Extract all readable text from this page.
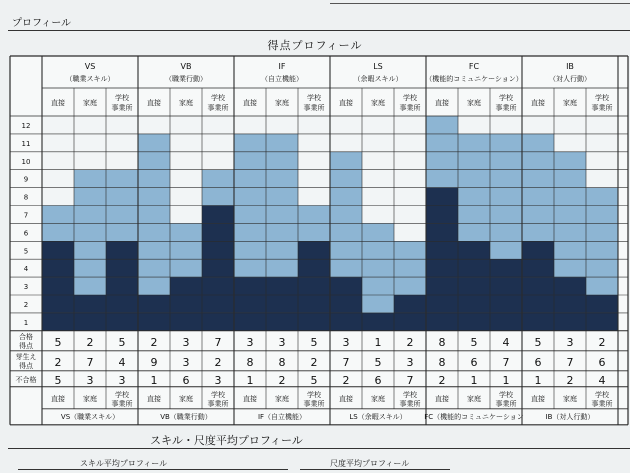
プロフィール
得点プロフィール
12
11
10
9
8
7
6
5
4
3
2
1
VS
（職業スキル）
VS（職業スキル）
VB
（職業行動）
VB（職業行動）
IF
（自立機能）
IF（自立機能）
LS
（余暇スキル）
LS（余暇スキル）
FC
（機能的コミュニケーション）
FC（機能的コミュニケーション
IB
（対人行動）
IB（対人行動）
直接
直接
家庭
家庭
学校
事業所
学校
事業所
直接
直接
家庭
家庭
学校
事業所
学校
事業所
直接
直接
家庭
家庭
学校
事業所
学校
事業所
直接
直接
家庭
家庭
学校
事業所
学校
事業所
直接
直接
家庭
家庭
学校
事業所
学校
事業所
直接
直接
家庭
家庭
学校
事業所
学校
事業所
合格
得点 5 2 5 2 3 7 3 3 5 3 1 2 8 5 4 5 3 2
芽生え
得点 2 7 4 9 3 2 8 8 2 7 5 3 8 6 7 6 7 6
不合格 5 3 3 1 6 3 1 2 5 2 6 7 2 1 1 1 2 4
スキル・尺度平均プロフィール
スキル平均プロフィール	尺度平均プロフィール
